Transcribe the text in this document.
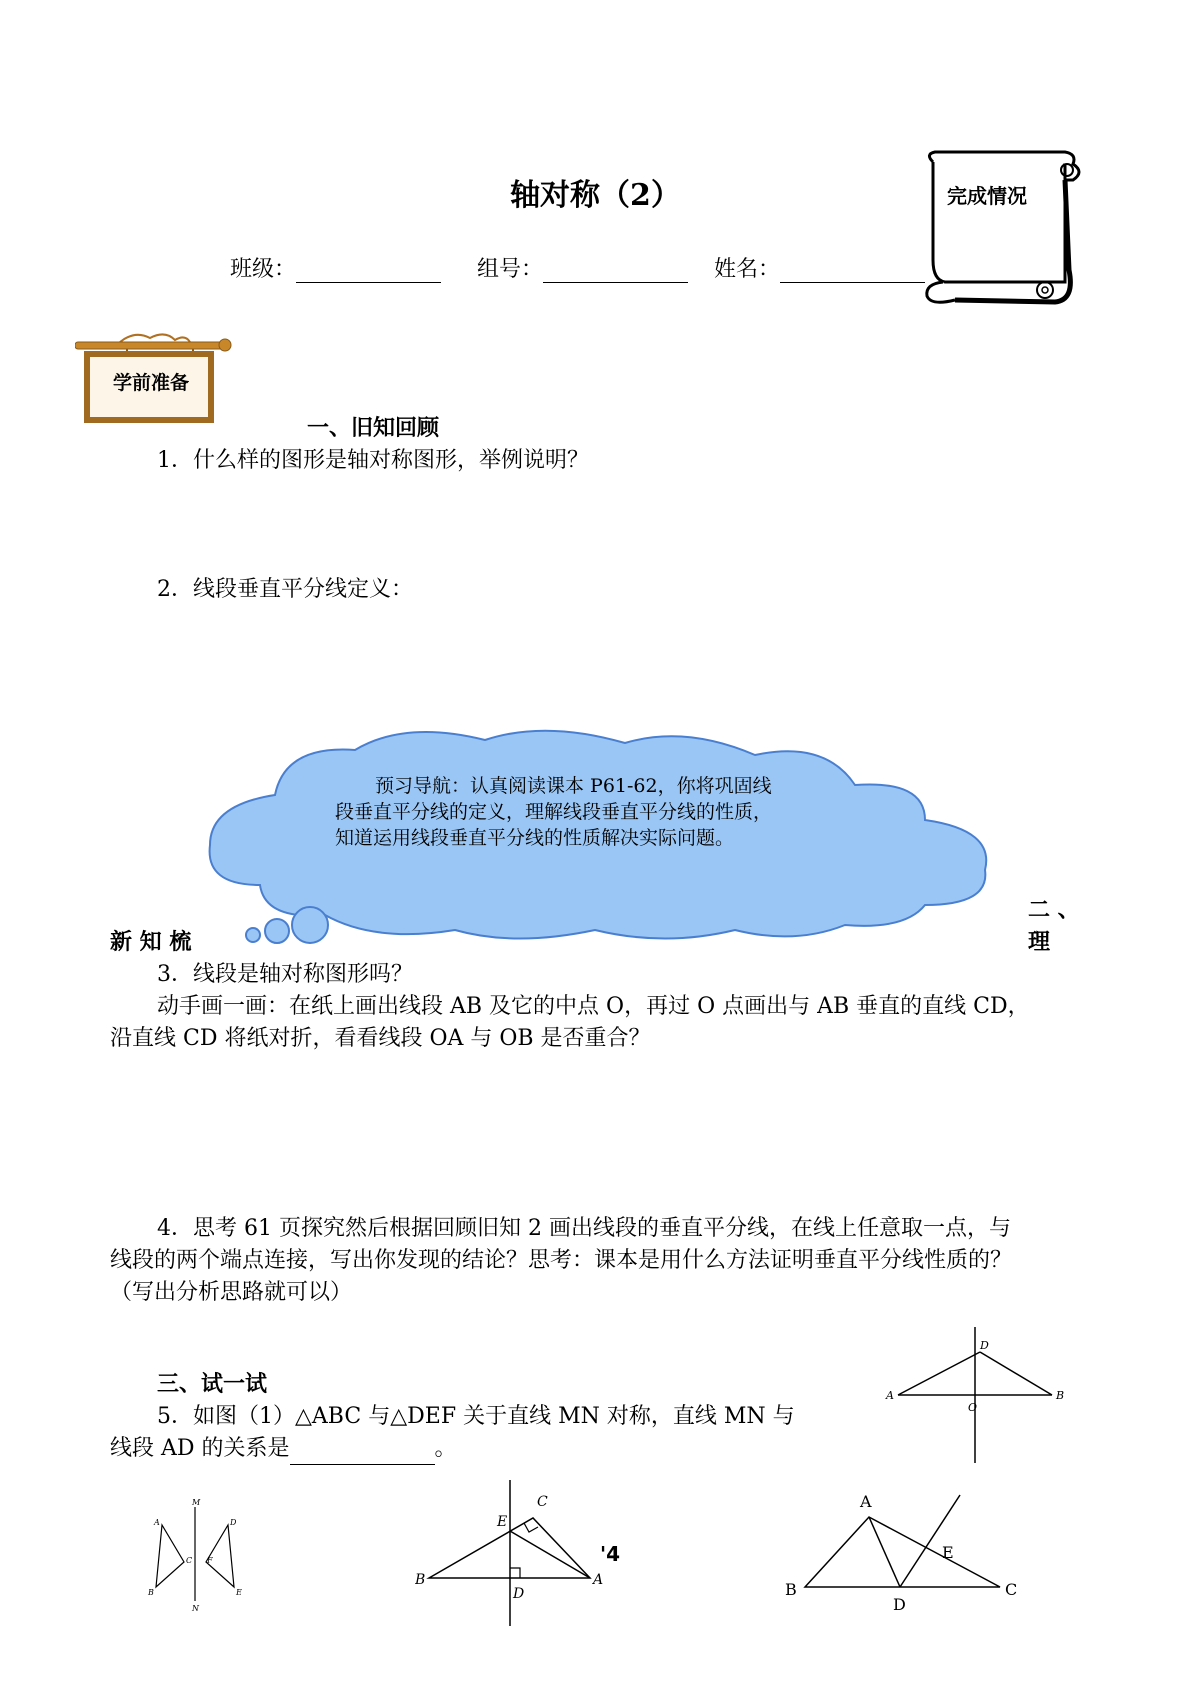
轴对称（2）	完成情况
班级：	组号：	姓名：
学前准备
一、旧知回顾
1．什么样的图形是轴对称图形，举例说明？
2．线段垂直平分线定义：
预习导航：认真阅读课本 P61-62，你将巩固线
段垂直平分线的定义，理解线段垂直平分线的性质，
知道运用线段垂直平分线的性质解决实际问题。
二 、
理
新 知 梳
3．线段是轴对称图形吗？
动手画一画：在纸上画出线段 AB 及它的中点 O，再过 O 点画出与 AB 垂直的直线 CD，
沿直线 CD 将纸对折，看看线段 OA 与 OB 是否重合？
4．思考 61 页探究然后根据回顾旧知 2 画出线段的垂直平分线，在线上任意取一点，与
线段的两个端点连接，写出你发现的结论？思考：课本是用什么方法证明垂直平分线性质的？
（写出分析思路就可以）
D
A
O
B
三、试一试
5．如图（1）△ABC 与△DEF 关于直线 MN 对称，直线 MN 与
线段 AD 的关系是	。
M
A	D
C F
B	E
N
C
E
B
D
A
'4
A
E
B
D
C
